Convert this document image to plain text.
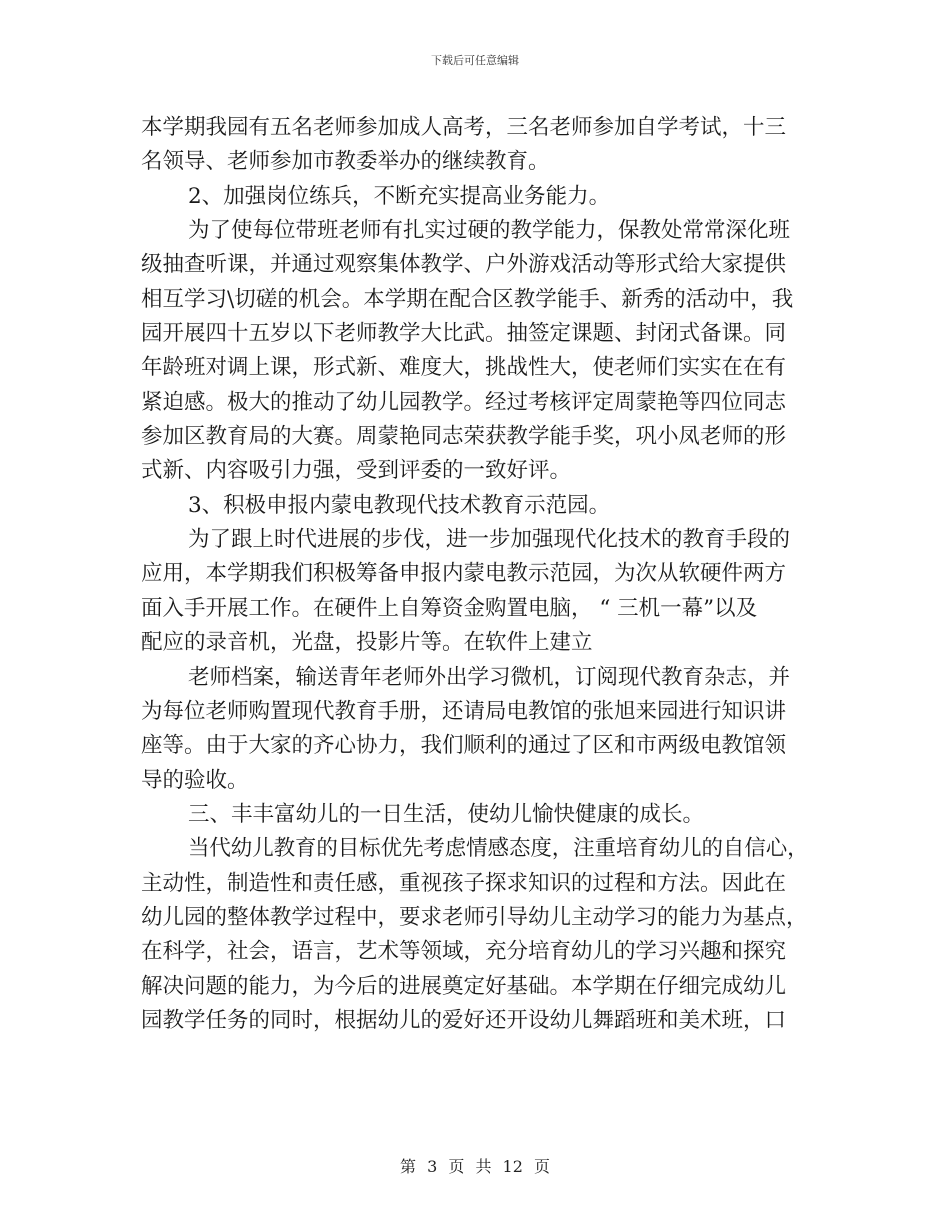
下载后可任意编辑

本学期我园有五名老师参加成人高考，三名老师参加自学考试，十三

名领导、老师参加市教委举办的继续教育。

2、加强岗位练兵，不断充实提高业务能力。

为了使每位带班老师有扎实过硬的教学能力，保教处常常深化班

级抽查听课，并通过观察集体教学、户外游戏活动等形式给大家提供

相互学习\切磋的机会。本学期在配合区教学能手、新秀的活动中，我

园开展四十五岁以下老师教学大比武。抽签定课题、封闭式备课。同

年龄班对调上课，形式新、难度大，挑战性大，使老师们实实在在有

紧迫感。极大的推动了幼儿园教学。经过考核评定周蒙艳等四位同志

参加区教育局的大赛。周蒙艳同志荣获教学能手奖，巩小凤老师的形

式新、内容吸引力强，受到评委的一致好评。

3、积极申报内蒙电教现代技术教育示范园。

为了跟上时代进展的步伐，进一步加强现代化技术的教育手段的

应用，本学期我们积极筹备申报内蒙电教示范园，为次从软硬件两方

面入手开展工作。在硬件上自筹资金购置电脑， “ 三机一幕”以及

配应的录音机，光盘，投影片等。在软件上建立

老师档案，输送青年老师外出学习微机，订阅现代教育杂志，并

为每位老师购置现代教育手册，还请局电教馆的张旭来园进行知识讲

座等。由于大家的齐心协力，我们顺利的通过了区和市两级电教馆领

导的验收。

三、丰丰富幼儿的一日生活，使幼儿愉快健康的成长。

当代幼儿教育的目标优先考虑情感态度，注重培育幼儿的自信心，

主动性，制造性和责任感，重视孩子探求知识的过程和方法。因此在

幼儿园的整体教学过程中，要求老师引导幼儿主动学习的能力为基点，

在科学，社会，语言，艺术等领域，充分培育幼儿的学习兴趣和探究

解决问题的能力，为今后的进展奠定好基础。本学期在仔细完成幼儿

园教学任务的同时，根据幼儿的爱好还开设幼儿舞蹈班和美术班，口

第 3 页 共 12 页
